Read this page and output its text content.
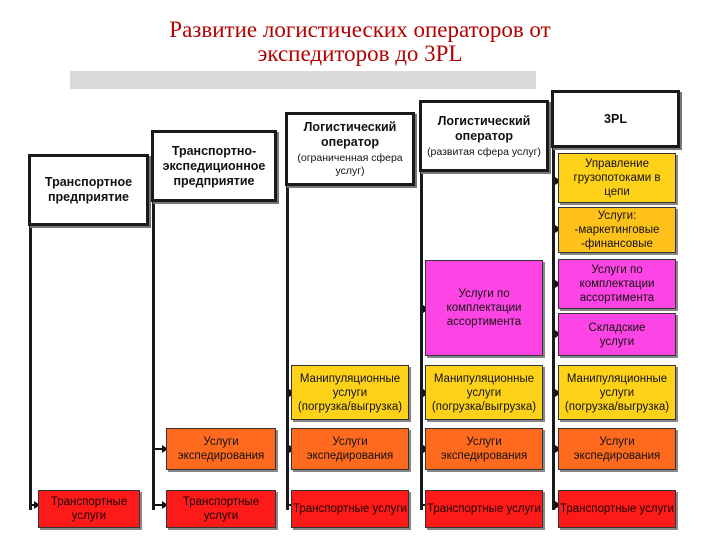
Развитие логистических операторов от
экспедиторов до 3PL
Транспортное предприятие
Транспортно-экспедиционное предприятие
Логистический оператор
(ограниченная сфера услуг)
Логистический оператор
(развитая сфера услуг)
3PL
Транспортные услуги
Транспортные услуги
Транспортные услуги Транспортные услуги Транспортные услуги
Услуги экспедирования
Услуги экспедирования
Услуги экспедирования
Услуги экспедирования
Манипуляционные услуги
(погрузка/выгрузка)
Манипуляционные услуги
(погрузка/выгрузка)
Манипуляционные услуги
(погрузка/выгрузка)
Услуги по комплектации ассортимента
Управление грузопотоками в цепи
Услуги:
-маркетинговые
-финансовые
Услуги по комплектации ассортимента
Складские услуги
